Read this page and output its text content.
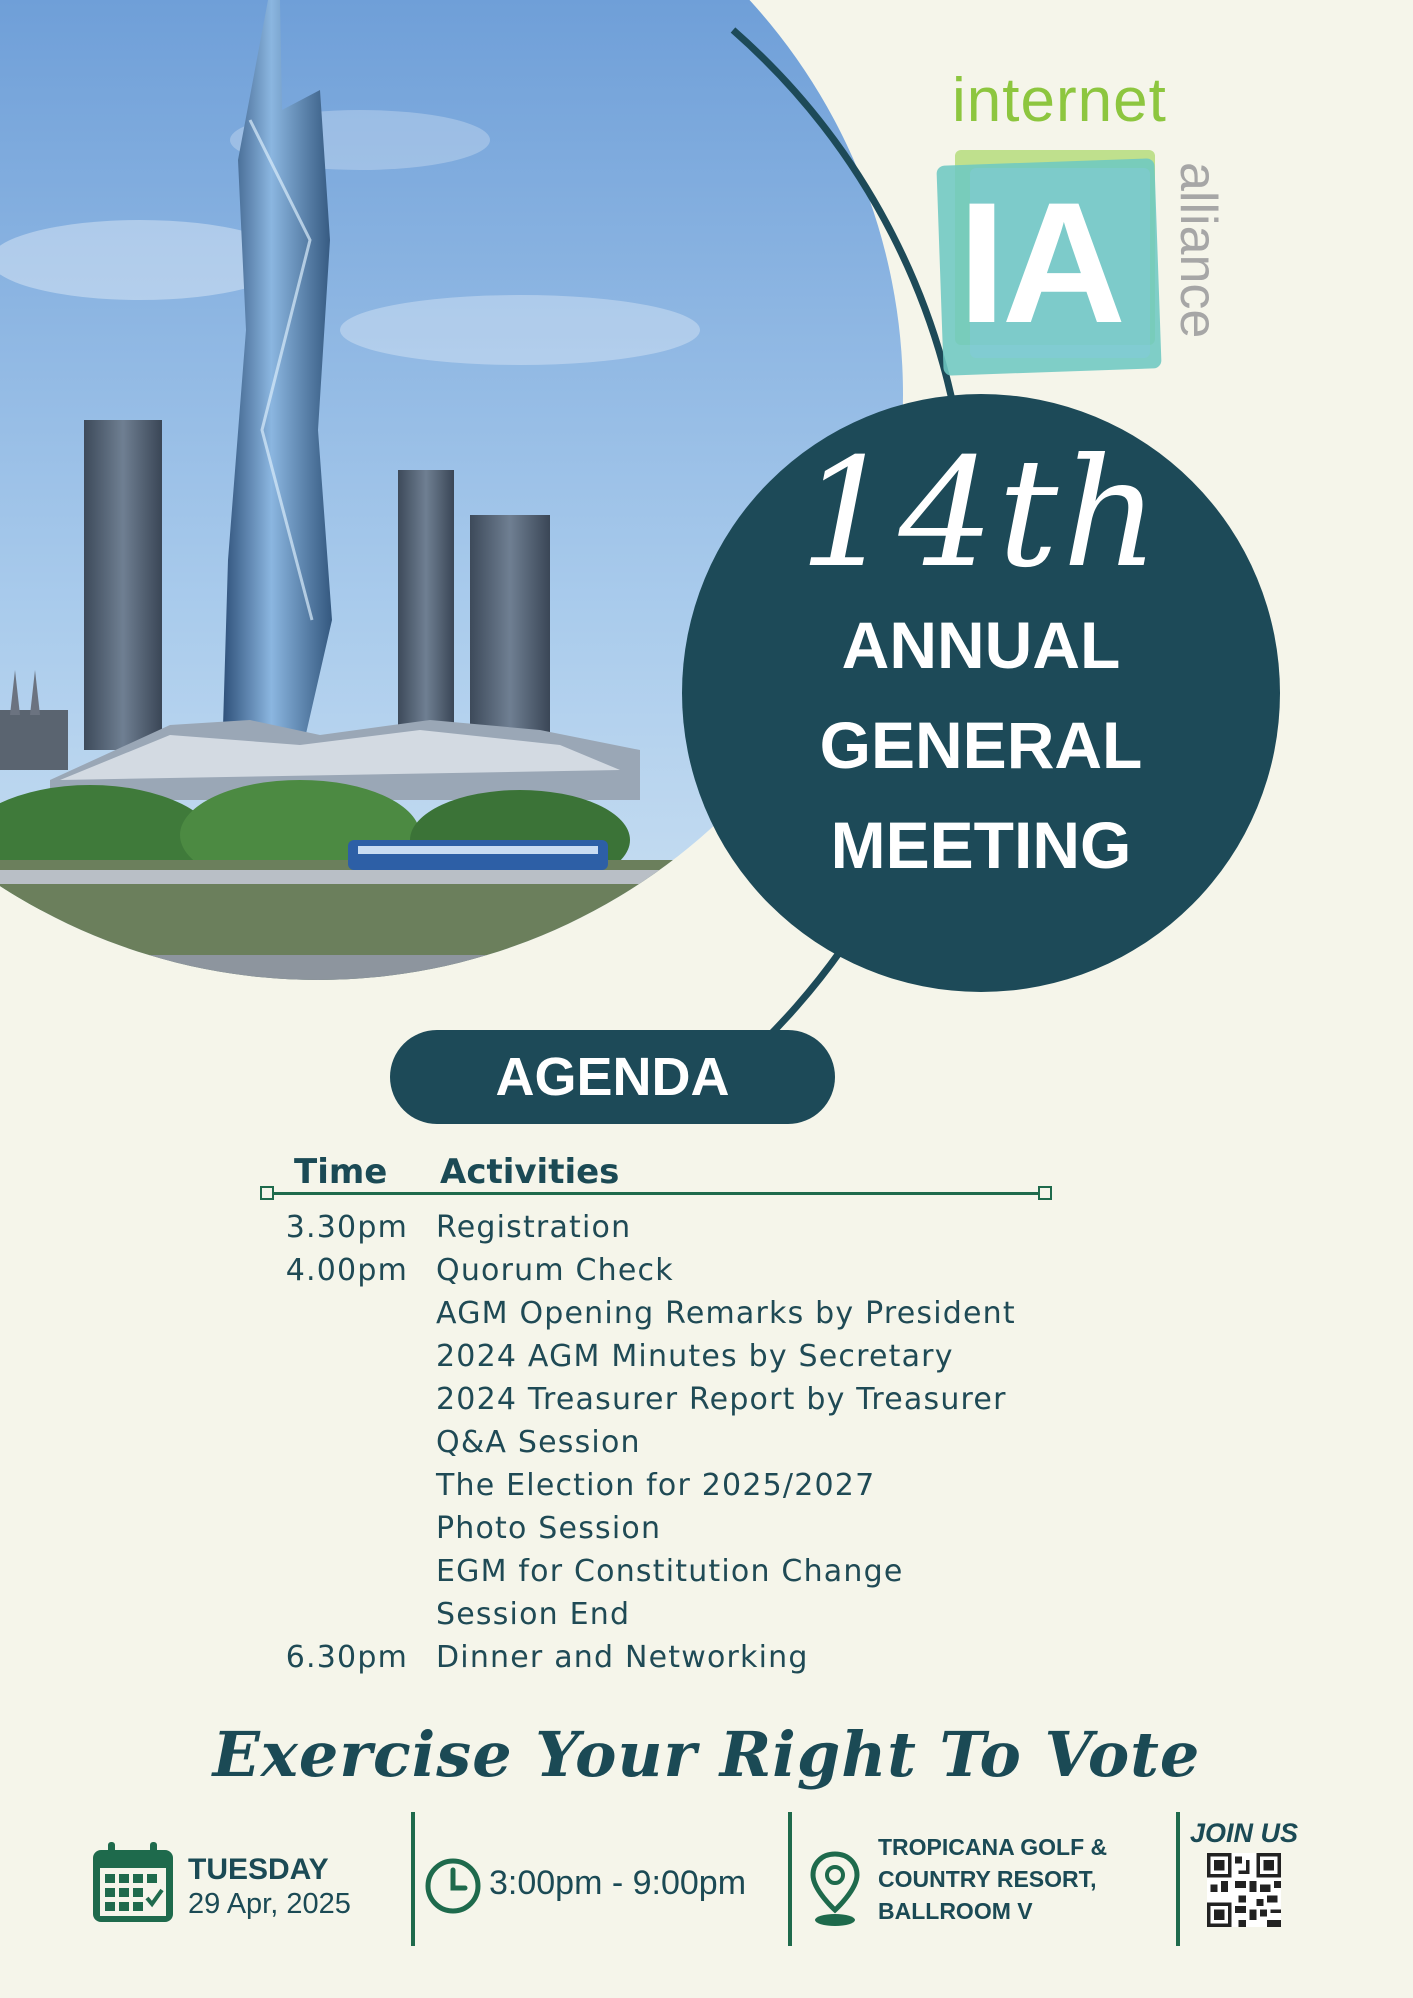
internet
IA alliance
14th
ANNUAL
GENERAL
MEETING
AGENDA
Time Activities
3.30pm Registration
4.00pm Quorum Check
AGM Opening Remarks by President
2024 AGM Minutes by Secretary
2024 Treasurer Report by Treasurer
Q&A Session
The Election for 2025/2027
Photo Session
EGM for Constitution Change
Session End
6.30pm Dinner and Networking
Exercise Your Right To Vote
TUESDAY
29 Apr, 2025
3:00pm - 9:00pm
TROPICANA GOLF &
COUNTRY RESORT,
BALLROOM V
JOIN US
